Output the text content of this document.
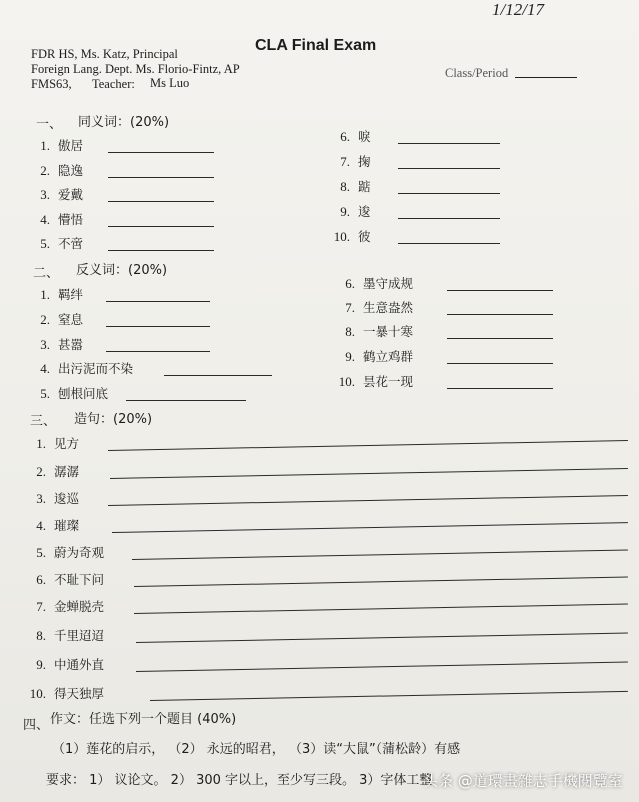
1/12/17
CLA Final Exam
FDR HS, Ms. Katz, Principal
Foreign Lang. Dept. Ms. Florio-Fintz, AP
FMS63, Teacher: Ms Luo
Class/Period
一、 同义词：(20%)
1. 傲居
2. 隐逸
3. 爱戴
4. 懵悟
5. 不啻
6. 唳
7. 掬
8. 踮
9. 逡
10. 彼
二、 反义词：(20%)
1. 羁绊
2. 窒息
3. 甚嚣
4. 出污泥而不染
5. 刨根问底
6. 墨守成规
7. 生意盎然
8. 一暴十寒
9. 鹤立鸡群
10. 昙花一现
三、 造句：(20%)
1. 见方
2. 潺潺
3. 逡巡
4. 璀璨
5. 蔚为奇观
6. 不耻下问
7. 金蝉脱壳
8. 千里迢迢
9. 中通外直
10. 得天独厚
四、 作文：任选下列一个题目 (40%)
（1）莲花的启示， （2） 永远的昭君， （3）读“大鼠”（蒲松龄）有感
要求： 1） 议论文。 2） 300 字以上，至少写三段。 3）字体工整
头条 @道環畫雜志手機閱覽室
